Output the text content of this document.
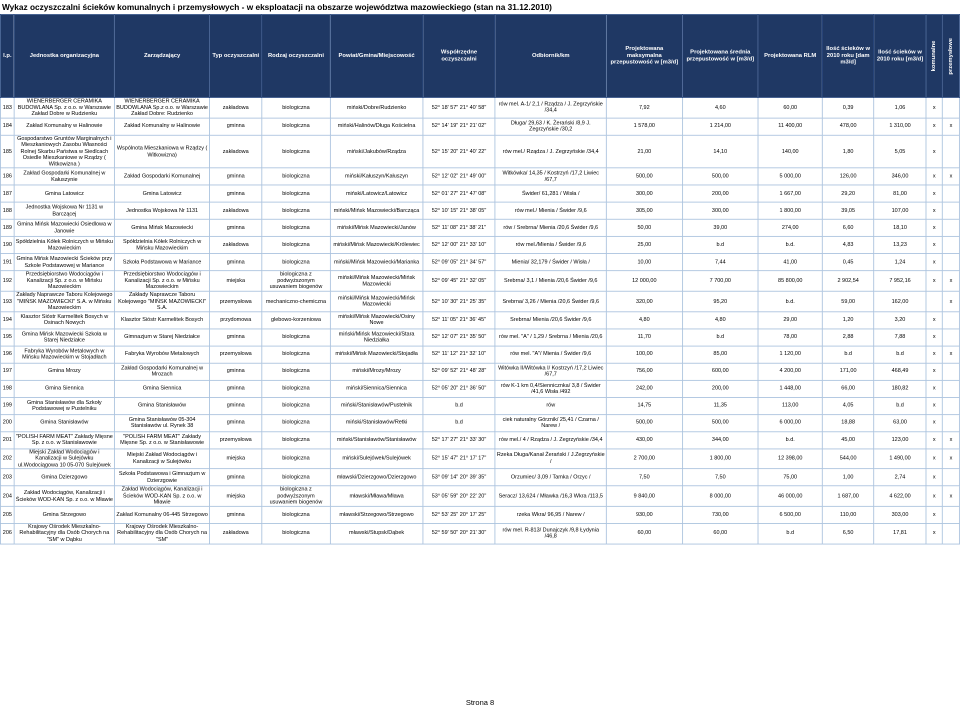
Wykaz oczyszczalni ścieków komunalnych i przemysłowych - w eksploatacji na obszarze województwa mazowieckiego (stan na 31.12.2010)
l.p.	Jednostka organizacyjna	Zarządzający	Typ oczyszczalni	Rodzaj oczyszczalni	Powiat/Gmina/Miejscowość	Współrzędne oczyszczalni	Odbiornik/km	Projektowana maksymalna przepustowość w [m3/d]	Projektowana średnia przepustowość w [m3/d]	Projektowana RLM	Ilość ścieków w 2010 roku [dam m3/d]	Ilość ścieków w 2010 roku [m3/d]	komunalne	przemysłowe

183	WIENERBERGER CERAMIKA BUDOWLANA Sp. z o.o. w Warszawie Zakład Dobre w Rudzienku	WIENERBERGER CERAMIKA BUDOWLANA Sp.z o.o. w Warszawie Zakład Dobre: Rudzienko	zakładowa	biologiczna	miński/Dobre/Rudzienko	52° 18' 57" 21° 40' 58"	rów mel. A-1/ 2,1 / Rządza / J. Zegrzyńskie /34,4	7,92	4,60	60,00	0,39	1,06	x	
184	Zakład Komunalny w Halinowie	Zakład Komunalny w Halinowie	gminna	biologiczna	miński/Halinów/Długa Kościelna	52° 14' 19" 21° 21' 02"	Długa/ 29,63 / K. Żerański /8,9 J. Zegrzyńskie /30,2	1 578,00	1 214,00	11 400,00	478,00	1 310,00	x	x
185	Gospodarstwo Gruntów Marginalnych i Mieszkaniowych Zasobu Własności Rolnej Skarbu Państwa w Siedlcach Osiedle Mieszkaniowe w Rządzy ( Witkowizna )	Wspólnota Mieszkaniowa w Rządzy ( Witkowizna)	zakładowa	biologiczna	miński/Jakubów/Rządza	52° 15' 20" 21° 40' 22"	rów mel./ Rządza / J. Zegrzyńskie /34,4	21,00	14,10	140,00	1,80	5,05	x	
186	Zakład Gospodarki Komunalnej w Kałuszynie	Zakład Gospodarki Komunalnej	gminna	biologiczna	miński/Kałuszyn/Kałuszyn	52° 12' 02" 21° 49' 00"	Witkówka/ 14,35 / Kostrzyń /17,2 Liwiec /67,7	500,00	500,00	5 000,00	126,00	346,00	x	x
187	Gmina Latowicz	Gmina Latowicz	gminna	biologiczna	miński/Latowicz/Latowicz	52° 01' 27" 21° 47' 08"	Świder/ 61,281 / Wisła /	300,00	200,00	1 667,00	29,20	81,00	x	
188	Jednostka Wojskowa Nr 1131 w Barczącej	Jednostka Wojskowa Nr 1131	zakładowa	biologiczna	miński/Mińsk Mazowiecki/Barcząca	52° 10' 15" 21° 38' 05"	rów mel./ Mienia / Świder /9,6	305,00	300,00	1 800,00	39,05	107,00	x	
189	Gmina Mińsk Mazowiecki Osiedlowa w Janowie	Gmina Mińsk Mazowiecki	gminna	biologiczna	miński/Mińsk Mazowiecki/Janów	52° 11' 08" 21° 38' 21"	rów / Srebrna/ Mienia /20,6 Świder /9,6	50,00	39,00	274,00	6,60	18,10	x	
190	Spółdzielnia Kółek Rolniczych w Mińsku Mazowieckim	Spółdzielnia Kółek Rolniczych w Mińsku Mazowieckim	zakładowa	biologiczna	miński/Mińsk Mazowiecki/Królewiec	52° 12' 00" 21° 33' 10"	rów mel./Mienia / Świder /9,6	25,00	b.d	b.d.	4,83	13,23	x	
191	Gmina Mińsk Mazowiecki Ścieków przy Szkole Podstawowej w Mariance	Szkoła Podstawowa w Mariance	gminna	biologiczna	miński/Mińsk Mazowiecki/Marianka	52° 09' 05" 21° 34' 57"	Mienia/ 32,179 / Świder / Wisła /	10,00	7,44	41,00	0,45	1,24	x	
192	Przedsiębiorstwo Wodociągów i Kanalizacji Sp. z o.o. w Mińsku Mazowieckim	Przedsiębiorstwo Wodociągów i Kanalizacji Sp. z o.o. w Mińsku Mazowieckim	miejska	biologiczna z podwyższonym usuwaniem biogenów	miński/Mińsk Mazowiecki/Mińsk Mazowiecki	52° 09' 45" 21° 32' 05"	Srebrna/ 3,1 / Mienia /20,6 Świder /9,6	12 000,00	7 700,00	85 800,00	2 902,54	7 952,16	x	x
193	Zakłady Naprawcze Taboru Kolejowego "MIŃSK MAZOWIECKI" S.A. w Mińsku Mazowieckim	Zakłady Naprawcze Taboru Kolejowego "MIŃSK MAZOWIECKI" S.A.	przemysłowa	mechaniczno-chemiczna	miński/Mińsk Mazowiecki/Mińsk Mazowiecki	52° 10' 30" 21° 25' 35"	Srebrna/ 3,26 / Mienia /20,6 Świder /9,6	320,00	95,20	b.d.	59,00	162,00		x
194	Klasztor Sióstr Karmelitek Bosych w Osinach Nowych	Klasztor Sióstr Karmelitek Bosych	przydomowa	glebowo-korzeniowa	miński/Mińsk Mazowiecki/Osiny Nowe	52° 11' 05" 21° 36' 45"	Srebrna/ Mienia /20,6 Świder /9,6	4,80	4,80	29,00	1,20	3,20	x	
195	Gmina Mińsk Mazowiecki Szkoła w Starej Niedziałce	Gimnazjum w Starej Niedziałce	gminna	biologiczna	miński/Mińsk Mazowiecki/Stara Niedziałka	52° 12' 07" 21° 35' 50"	rów mel. "A" / 1,29 / Srebrna / Mienia /20,6	11,70	b.d	78,00	2,88	7,88	x	
196	Fabryka Wyrobów Metalowych w Mińsku Mazowieckim w Stojadłach	Fabryka Wyrobów Metalowych	przemysłowa	biologiczna	miński/Mińsk Mazowiecki/Stojadła	52° 11' 12" 21° 32' 10"	rów mel. "A"/ Mienia / Świder /9,6	100,00	85,00	1 120,00	b.d	b.d	x	x
197	Gmina Mrozy	Zakład Gospodarki Komunalnej w Mrozach	gminna	biologiczna	miński/Mrozy/Mrozy	52° 09' 52" 21° 48' 28"	Witówka II/Witówka I/ Kostrzyń /17,2 Liwiec /67,7	756,00	600,00	4 200,00	171,00	468,49	x	
198	Gmina Siennica	Gmina Siennica	gminna	biologiczna	miński/Siennica/Siennica	52° 05' 20" 21° 36' 50"	rów K-1 km 0,4/Siennicznka/ 3,8 / Świder /41,6 Wisła /492	242,00	200,00	1 448,00	66,00	180,82	x	
199	Gmina Stanisławów dla Szkoły Podstawowej w Pustelniku	Gmina Stanisławów	gminna	biologiczna	miński/Stanisławów/Pustelnik	b.d	rów	14,75	11,35	113,00	4,05	b.d	x	
200	Gmina Stanisławów	Gmina Stanisławów 05-304 Stanisławów ul. Rynek 38	gminna	biologiczna	miński/Stanisławów/Retki	b.d	ciek naturalny Górznik/ 25,41 / Czarna / Narew /	500,00	500,00	6 000,00	18,88	63,00	x	
201	"POLISH FARM MEAT" Zakłady Mięsne Sp. z o.o. w Stanisławowie	"POLISH FARM MEAT" Zakłady Mięsne Sp. z o.o. w Stanisławowie	przemysłowa	biologiczna	miński/Stanisławów/Stanisławów	52° 17' 27" 21° 33' 30"	rów mel./ 4 / Rządza / J. Zegrzyńskie /34,4	430,00	344,00	b.d.	45,00	123,00	x	x
202	Miejski Zakład Wodociągów i Kanalizacji w Sulejówku ul.Wodociągowa 10 05-070 Sulejówek	Miejski Zakład Wodociągów i Kanalizacji w Sulejówku	miejska	biologiczna	miński/Sulejówek/Sulejówek	52° 15' 47" 21° 17' 17"	Rzeka Długa/Kanał Żerański / J.Zegrzyńskie /	2 700,00	1 800,00	12 398,00	544,00	1 490,00	x	x
203	Gmina Dzierzgowo	Szkoła Podstawowa i Gimnazjum w Dzierzgowie	gminna	biologiczna	mławski/Dzierzgowo/Dzierzgowo	53° 09' 14" 20° 39' 35"	Orzumiec/ 3,09 / Tamka / Orzyc /	7,50	7,50	75,00	1,00	2,74	x	
204	Zakład Wodociągów, Kanalizacji i Ścieków WOD-KAN Sp. z o.o. w Mławie	Zakład Wodociągów, Kanalizacji i Ścieków WOD-KAN Sp. z o.o. w Mławie	miejska	biologiczna z podwyższonym usuwaniem biogenów	mławski/Mława/Mława	53° 05' 59" 20° 22' 20"	Seracz/ 13,624 / Mławka /16,3 Wkra /113,5	9 840,00	8 000,00	46 000,00	1 687,00	4 622,00	x	x
205	Gmina Strzegowo	Zakład Komunalny 06-445 Strzegowo	gminna	biologiczna	mławski/Strzegowo/Strzegowo	52° 53' 25" 20° 17' 25"	rzeka Wkra/ 96,95 / Narew /	930,00	730,00	6 500,00	110,00	303,00	x	
206	Krajowy Ośrodek Mieszkalno-Rehabilitacyjny dla Osób Chorych na "SM" w Dąbku	Krajowy Ośrodek Mieszkalno-Rehabilitacyjny dla Osób Chorych na "SM"	zakładowa	biologiczna	mławski/Stupsk/Dąbek	52° 59' 50" 20° 21' 30"	rów mel. R-813/ Dunajczyk /9,8 Łydynia /46,8	60,00	60,00	b.d	6,50	17,81	x	
Strona 8
